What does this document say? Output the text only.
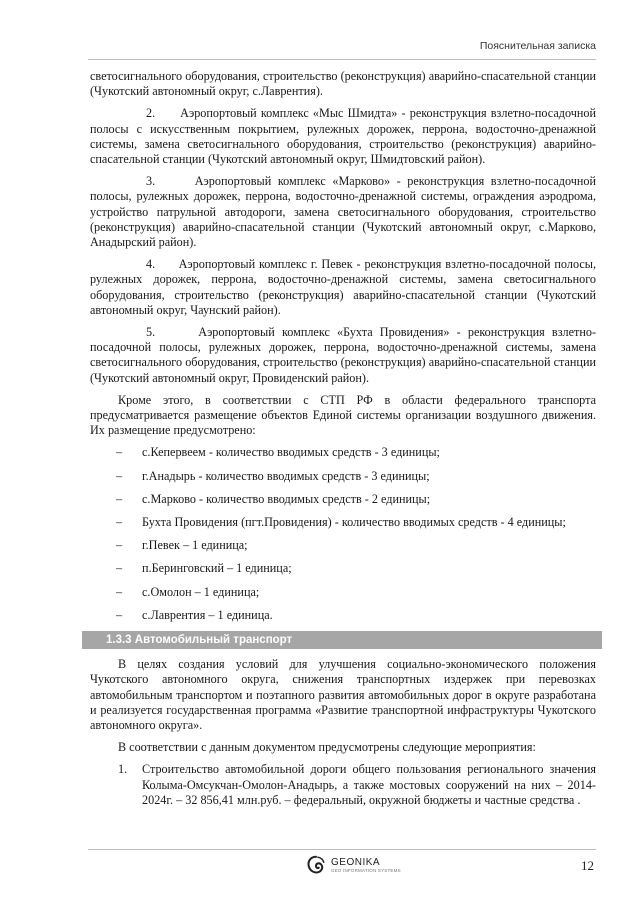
Пояснительная записка

светосигнального оборудования, строительство (реконструкция) аварийно-спасательной станции (Чукотский автономный округ, с.Лаврентия).

2. Аэропортовый комплекс «Мыс Шмидта» - реконструкция взлетно-посадочной полосы с искусственным покрытием, рулежных дорожек, перрона, водосточно-дренажной системы, замена светосигнального оборудования, строительство (реконструкция) аварийно-спасательной станции (Чукотский автономный округ, Шмидтовский район).

3.	Аэропортовый комплекс «Марково» - реконструкция взлетно-посадочной полосы, рулежных дорожек, перрона, водосточно-дренажной системы, ограждения аэродрома, устройство патрульной автодороги, замена светосигнального оборудования, строительство (реконструкция) аварийно-спасательной станции (Чукотский автономный округ, с.Марково, Анадырский район).

4. Аэропортовый комплекс г. Певек - реконструкция взлетно-посадочной полосы, рулежных дорожек, перрона, водосточно-дренажной системы, замена светосигнального оборудования, строительство (реконструкция) аварийно-спасательной станции (Чукотский автономный округ, Чаунский район).

5.	Аэропортовый комплекс «Бухта Провидения» - реконструкция взлетно-посадочной полосы, рулежных дорожек, перрона, водосточно-дренажной системы, замена светосигнального оборудования, строительство (реконструкция) аварийно-спасательной станции (Чукотский автономный округ, Провиденский район).

Кроме этого, в соответствии с СТП РФ в области федерального транспорта предусматривается размещение объектов Единой системы организации воздушного движения. Их размещение предусмотрено:

– с.Кепервеем - количество вводимых средств - 3 единицы;
– г.Анадырь - количество вводимых средств - 3 единицы;
– с.Марково - количество вводимых средств - 2 единицы;
– Бухта Провидения (пгт.Провидения) - количество вводимых средств - 4 единицы;
– г.Певек – 1 единица;
– п.Беринговский – 1 единица;
– с.Омолон – 1 единица;
– с.Лаврентия – 1 единица.
1.3.3 Автомобильный транспорт

В целях создания условий для улучшения социально-экономического положения Чукотского автономного округа, снижения транспортных издержек при перевозках автомобильным транспортом и поэтапного развития автомобильных дорог в округе разработана и реализуется государственная программа «Развитие транспортной инфраструктуры Чукотского автономного округа».

В соответствии с данным документом предусмотрены следующие мероприятия:

1. Строительство автомобильной дороги общего пользования регионального значения Колыма-Омсукчан-Омолон-Анадырь, а также мостовых сооружений на них – 2014-2024г. – 32 856,41 млн.руб. – федеральный, окружной бюджеты и частные средства .
GEONIKA
GEO INFORMATION SYSTEMS	12
